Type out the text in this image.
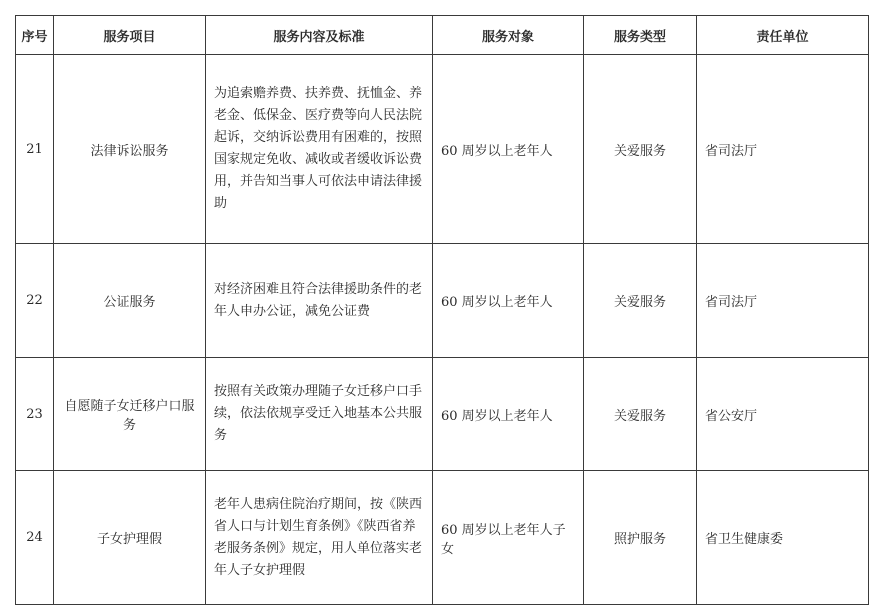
序号	服务项目	服务内容及标准	服务对象	服务类型	责任单位
21	法律诉讼服务	为追索赡养费、扶养费、抚恤金、养老金、低保金、医疗费等向人民法院起诉，交纳诉讼费用有困难的，按照国家规定免收、减收或者缓收诉讼费用，并告知当事人可依法申请法律援助	60 周岁以上老年人	关爱服务	省司法厅
22	公证服务	对经济困难且符合法律援助条件的老年人申办公证，减免公证费	60 周岁以上老年人	关爱服务	省司法厅
23	自愿随子女迁移户口服务	按照有关政策办理随子女迁移户口手续，依法依规享受迁入地基本公共服务	60 周岁以上老年人	关爱服务	省公安厅
24	子女护理假	老年人患病住院治疗期间，按《陕西省人口与计划生育条例》《陕西省养老服务条例》规定，用人单位落实老年人子女护理假	60 周岁以上老年人子女	照护服务	省卫生健康委
